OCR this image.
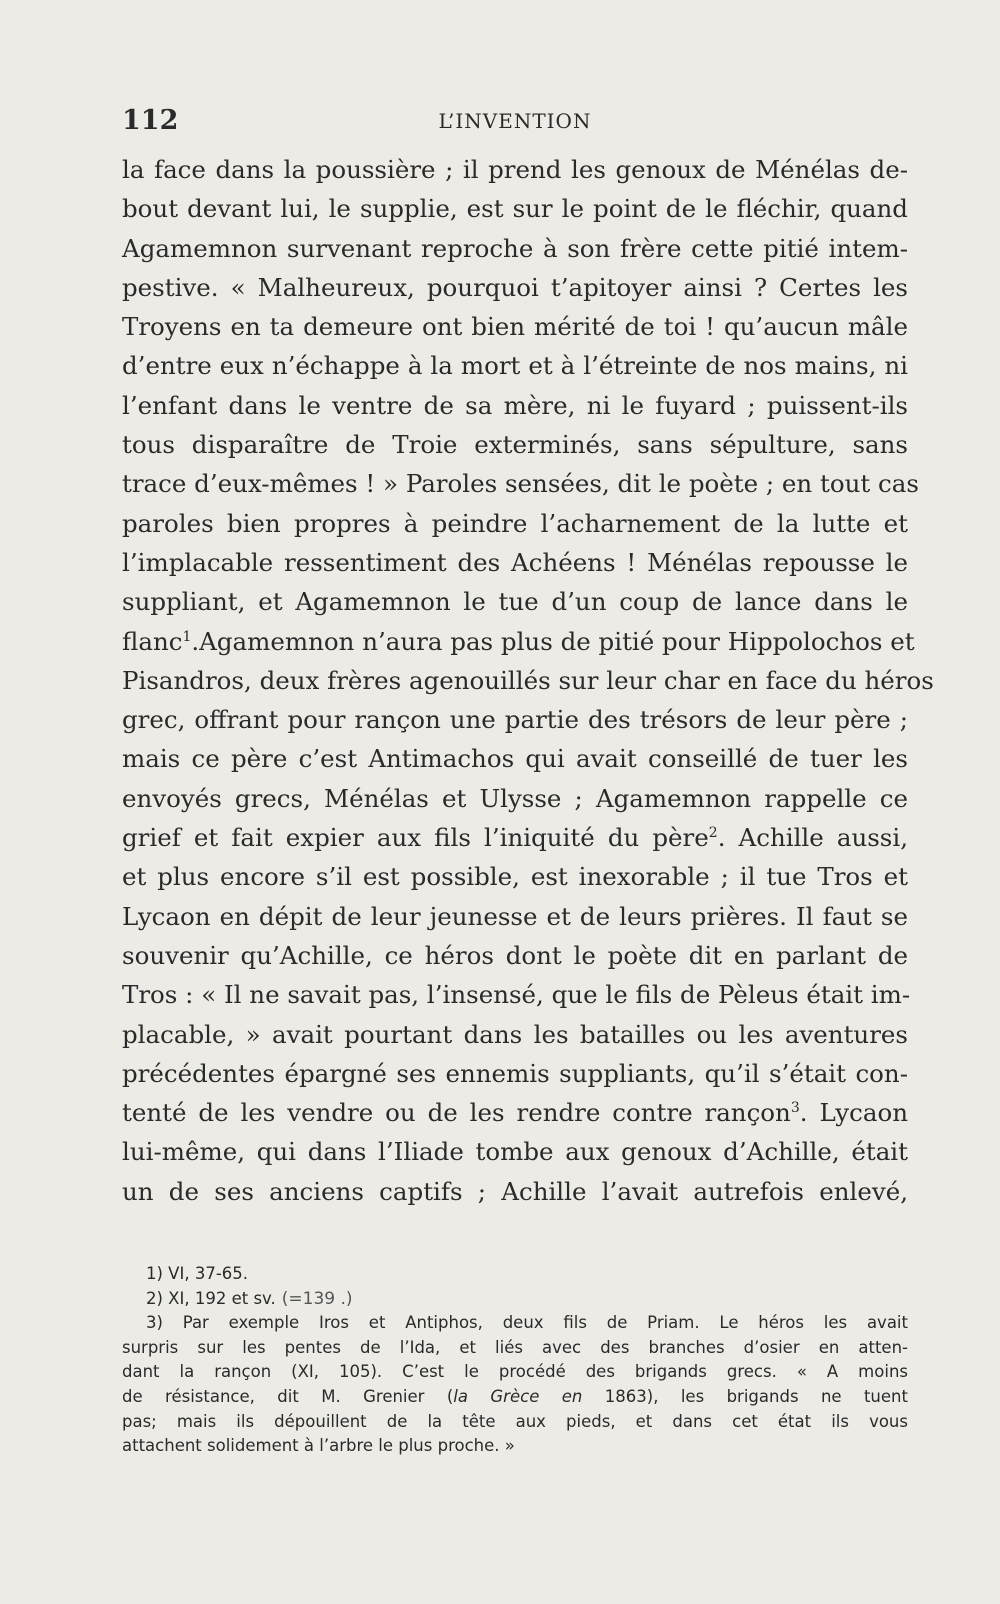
112	L’INVENTION
la face dans la poussière ; il prend les genoux de Ménélas de-
bout devant lui, le supplie, est sur le point de le fléchir, quand
Agamemnon survenant reproche à son frère cette pitié intem-
pestive. « Malheureux, pourquoi t’apitoyer ainsi ? Certes les
Troyens en ta demeure ont bien mérité de toi ! qu’aucun mâle
d’entre eux n’échappe à la mort et à l’étreinte de nos mains, ni
l’enfant dans le ventre de sa mère, ni le fuyard ; puissent-ils
tous disparaître de Troie exterminés, sans sépulture, sans
trace d’eux-mêmes ! » Paroles sensées, dit le poète ; en tout cas
paroles bien propres à peindre l’acharnement de la lutte et
l’implacable ressentiment des Achéens ! Ménélas repousse le
suppliant, et Agamemnon le tue d’un coup de lance dans le
flanc$^1$.Agamemnon n’aura pas plus de pitié pour Hippolochos et
Pisandros, deux frères agenouillés sur leur char en face du héros
grec, offrant pour rançon une partie des trésors de leur père ;
mais ce père c’est Antimachos qui avait conseillé de tuer les
envoyés grecs, Ménélas et Ulysse ; Agamemnon rappelle ce
grief et fait expier aux fils l’iniquité du père$^2$. Achille aussi,
et plus encore s’il est possible, est inexorable ; il tue Tros et
Lycaon en dépit de leur jeunesse et de leurs prières. Il faut se
souvenir qu’Achille, ce héros dont le poète dit en parlant de
Tros : « Il ne savait pas, l’insensé, que le fils de Pèleus était im-
placable, » avait pourtant dans les batailles ou les aventures
précédentes épargné ses ennemis suppliants, qu’il s’était con-
tenté de les vendre ou de les rendre contre rançon$^3$. Lycaon
lui-même, qui dans l’Iliade tombe aux genoux d’Achille, était
un de ses anciens captifs ; Achille l’avait autrefois enlevé,
1) VI, 37-65.
2) XI, 192 et sv. (=139 .)
3) Par exemple Iros et Antiphos, deux fils de Priam. Le héros les avait
surpris sur les pentes de l’Ida, et liés avec des branches d’osier en atten-
dant la rançon (XI, 105). C’est le procédé des brigands grecs. « A moins
de résistance, dit M. Grenier (la Grèce en 1863), les brigands ne tuent
pas; mais ils dépouillent de la tête aux pieds, et dans cet état ils vous
attachent solidement à l’arbre le plus proche. »
